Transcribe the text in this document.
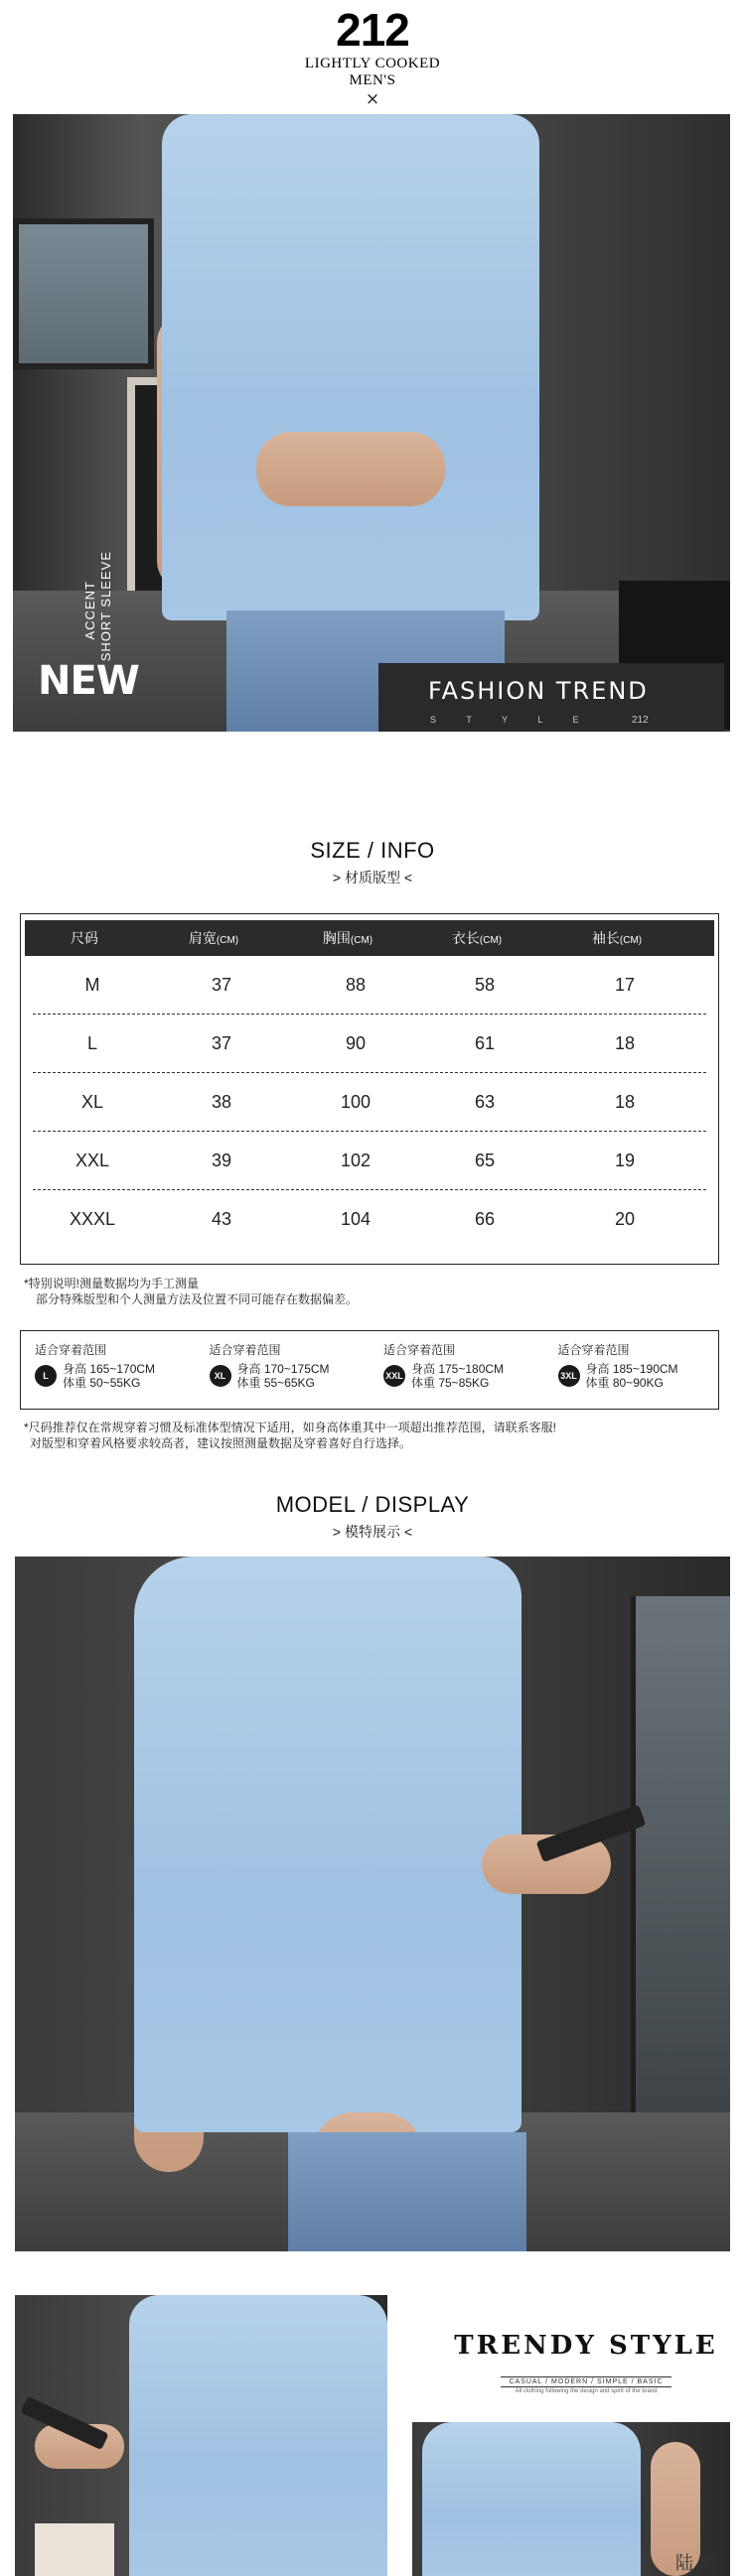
212
LIGHTLY COOKED
MEN'S
×
ACCENT SHORT SLEEVE
NEW	FASHION TREND
S T Y L E	212
SIZE / INFO
> 材质版型 <
尺码	肩宽(CM)	胸围(CM)	衣长(CM)	袖长(CM)
M	37	88	58	17
L	37	90	61	18
XL	38	100	63	18
XXL	39	102	65	19
XXXL	43	104	66	20
*特别说明!测量数据均为手工测量
部分特殊版型和个人测量方法及位置不同可能存在数据偏差。
适合穿着范围
L	身高 165~170CM
体重 50~55KG
适合穿着范围
XL 身高 170~175CM
体重 55~65KG
适合穿着范围
XXL 身高 175~180CM
体重 75~85KG
适合穿着范围
3XL 身高 185~190CM
体重 80~90KG
*尺码推荐仅在常规穿着习惯及标准体型情况下适用，如身高体重其中一项超出推荐范围，请联系客服!
对版型和穿着风格要求较高者，建议按照测量数据及穿着喜好自行选择。
MODEL / DISPLAY
> 模特展示 <
TRENDY STYLE
CASUAL / MODERN / SIMPLE / BASIC
All clothing following the design and spirit of the brand
陆 助.
